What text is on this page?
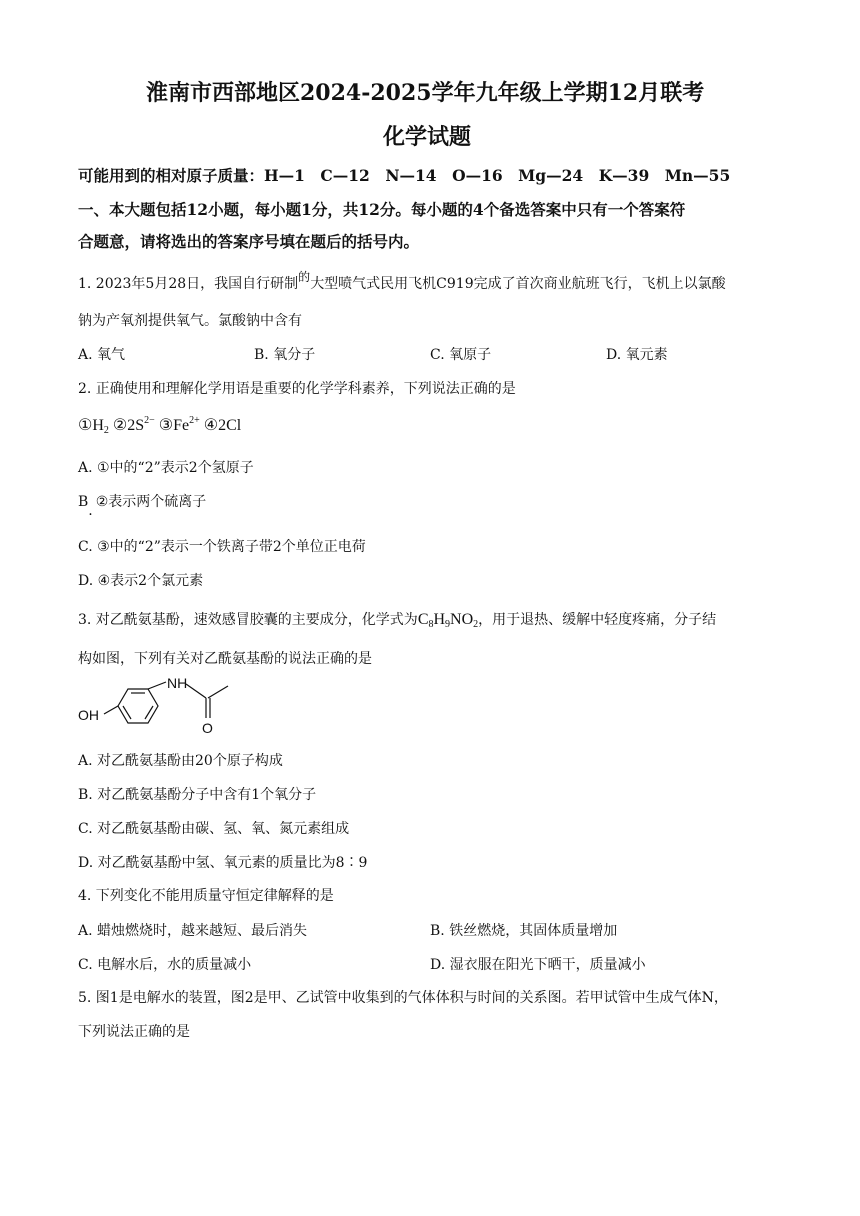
淮南市西部地区2024-2025学年九年级上学期12月联考
化学试题
可能用到的相对原子质量：H—1　C—12　N—14　O—16　Mg—24　K—39　Mn—55
一、本大题包括12小题，每小题1分，共12分。每小题的4个备选答案中只有一个答案符
合题意，请将选出的答案序号填在题后的括号内。
1. 2023年5月28日，我国自行研制的大型喷气式民用飞机C919完成了首次商业航班飞行，飞机上以氯酸
钠为产氧剂提供氧气。氯酸钠中含有
A. 氧气	B. 氧分子	C. 氧原子	D. 氧元素
2. 正确使用和理解化学用语是重要的化学学科素养，下列说法正确的是
$①H_2$ $②2S^{2-}$ $③Fe^{2+}$ ④2Cl
A. ①中的“2”表示2个氢原子
B.②表示两个硫离子
C. ③中的“2”表示一个铁离子带2个单位正电荷
D. ④表示2个氯元素
3. 对乙酰氨基酚，速效感冒胶囊的主要成分，化学式为$C_8H_9NO_2$，用于退热、缓解中轻度疼痛，分子结
构如图，下列有关对乙酰氨基酚的说法正确的是
OH
NH
O
A. 对乙酰氨基酚由20个原子构成
B. 对乙酰氨基酚分子中含有1个氧分子
C. 对乙酰氨基酚由碳、氢、氧、氮元素组成
D. 对乙酰氨基酚中氢、氧元素的质量比为8∶9
4. 下列变化不能用质量守恒定律解释的是
A. 蜡烛燃烧时，越来越短、最后消失	B. 铁丝燃烧，其固体质量增加
C. 电解水后，水的质量减小	D. 湿衣服在阳光下晒干，质量减小
5. 图1是电解水的装置，图2是甲、乙试管中收集到的气体体积与时间的关系图。若甲试管中生成气体N，
下列说法正确的是
